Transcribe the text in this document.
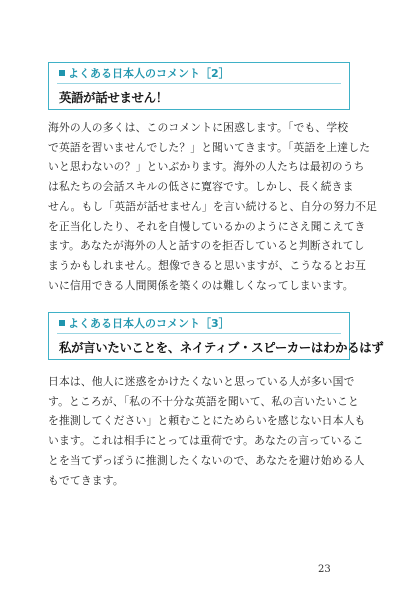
よくある日本人のコメント［2］
英語が話せません！
海外の人の多くは、このコメントに困惑します。「でも、学校
で英語を習いませんでした？」と聞いてきます。「英語を上達した
いと思わないの？」といぶかります。海外の人たちは最初のうち
は私たちの会話スキルの低さに寛容です。しかし、長く続きま
せん。もし「英語が話せません」を言い続けると、自分の努力不足
を正当化したり、それを自慢しているかのようにさえ聞こえてき
ます。あなたが海外の人と話すのを拒否していると判断されてし
まうかもしれません。想像できると思いますが、こうなるとお互
いに信用できる人間関係を築くのは難しくなってしまいます。
よくある日本人のコメント［3］
私が言いたいことを、ネイティブ・スピーカーはわかるはず
日本は、他人に迷惑をかけたくないと思っている人が多い国で
す。ところが、「私の不十分な英語を聞いて、私の言いたいこと
を推測してください」と頼むことにためらいを感じない日本人も
います。これは相手にとっては重荷です。あなたの言っているこ
とを当てずっぽうに推測したくないので、あなたを避け始める人
もでてきます。
23
